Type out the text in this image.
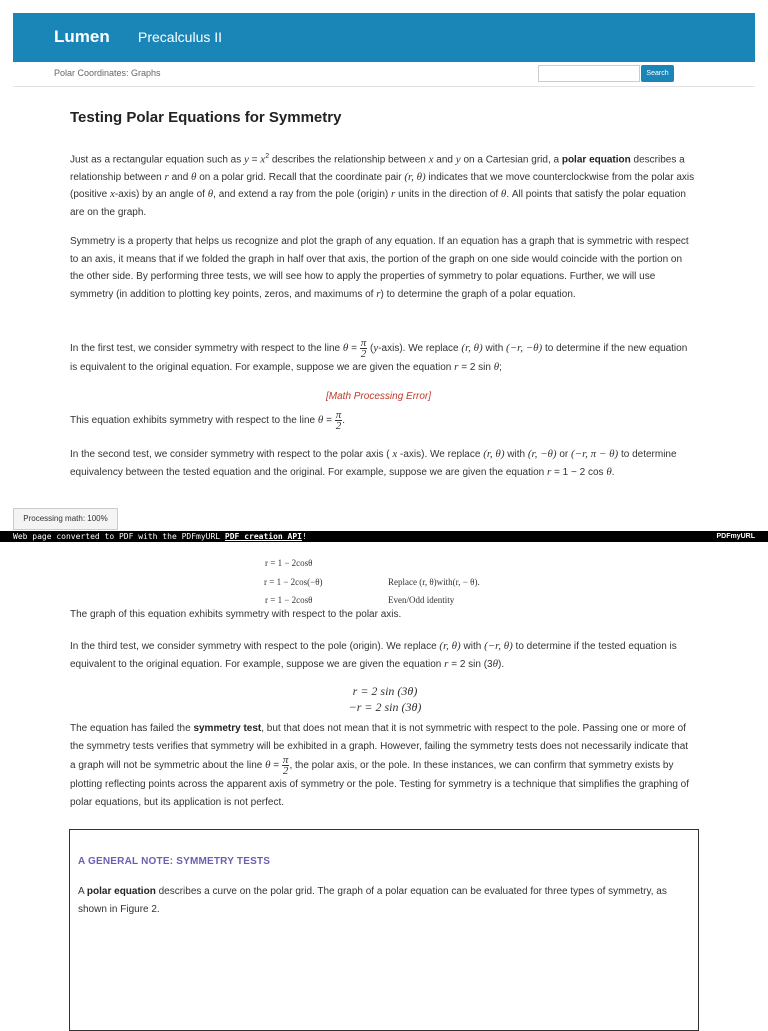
Lumen Precalculus II
Polar Coordinates: Graphs	Search
Testing Polar Equations for Symmetry
Just as a rectangular equation such as $y = x^2$ describes the relationship between x and y on a Cartesian grid, a polar equation describes a relationship between r and θ on a polar grid. Recall that the coordinate pair (r, θ) indicates that we move counterclockwise from the polar axis (positive x-axis) by an angle of θ, and extend a ray from the pole (origin) r units in the direction of θ. All points that satisfy the polar equation are on the graph.
Symmetry is a property that helps us recognize and plot the graph of any equation. If an equation has a graph that is symmetric with respect to an axis, it means that if we folded the graph in half over that axis, the portion of the graph on one side would coincide with the portion on the other side. By performing three tests, we will see how to apply the properties of symmetry to polar equations. Further, we will use symmetry (in addition to plotting key points, zeros, and maximums of r) to determine the graph of a polar equation.
In the first test, we consider symmetry with respect to the line $\theta = \frac{\pi}{2}$ (y-axis). We replace (r, θ) with (−r, −θ) to determine if the new equation is equivalent to the original equation. For example, suppose we are given the equation r = 2 sin θ;
[Math Processing Error]
This equation exhibits symmetry with respect to the line $\theta = \frac{\pi}{2}$ .
In the second test, we consider symmetry with respect to the polar axis ( x -axis). We replace (r, θ) with (r, −θ) or (−r, π − θ) to determine equivalency between the tested equation and the original. For example, suppose we are given the equation r = 1 − 2 cos θ.
Processing math: 100%
Web page converted to PDF with the PDFmyURL PDF creation API!	PDFmyURL
r = 1 − 2cosθ
r = 1 − 2cos(−θ)	Replace (r, θ)with(r, − θ).
r = 1 − 2cosθ	Even/Odd identity
The graph of this equation exhibits symmetry with respect to the polar axis.
In the third test, we consider symmetry with respect to the pole (origin). We replace (r, θ) with (−r, θ) to determine if the tested equation is equivalent to the original equation. For example, suppose we are given the equation r = 2 sin (3θ).
r = 2 sin (3θ)
−r = 2 sin (3θ)
The equation has failed the symmetry test, but that does not mean that it is not symmetric with respect to the pole. Passing one or more of the symmetry tests verifies that symmetry will be exhibited in a graph. However, failing the symmetry tests does not necessarily indicate that a graph will not be symmetric about the line $\theta = \frac{\pi}{2}$ , the polar axis, or the pole. In these instances, we can confirm that symmetry exists by plotting reflecting points across the apparent axis of symmetry or the pole. Testing for symmetry is a technique that simplifies the graphing of polar equations, but its application is not perfect.
A GENERAL NOTE: SYMMETRY TESTS
A polar equation describes a curve on the polar grid. The graph of a polar equation can be evaluated for three types of symmetry, as shown in Figure 2.
